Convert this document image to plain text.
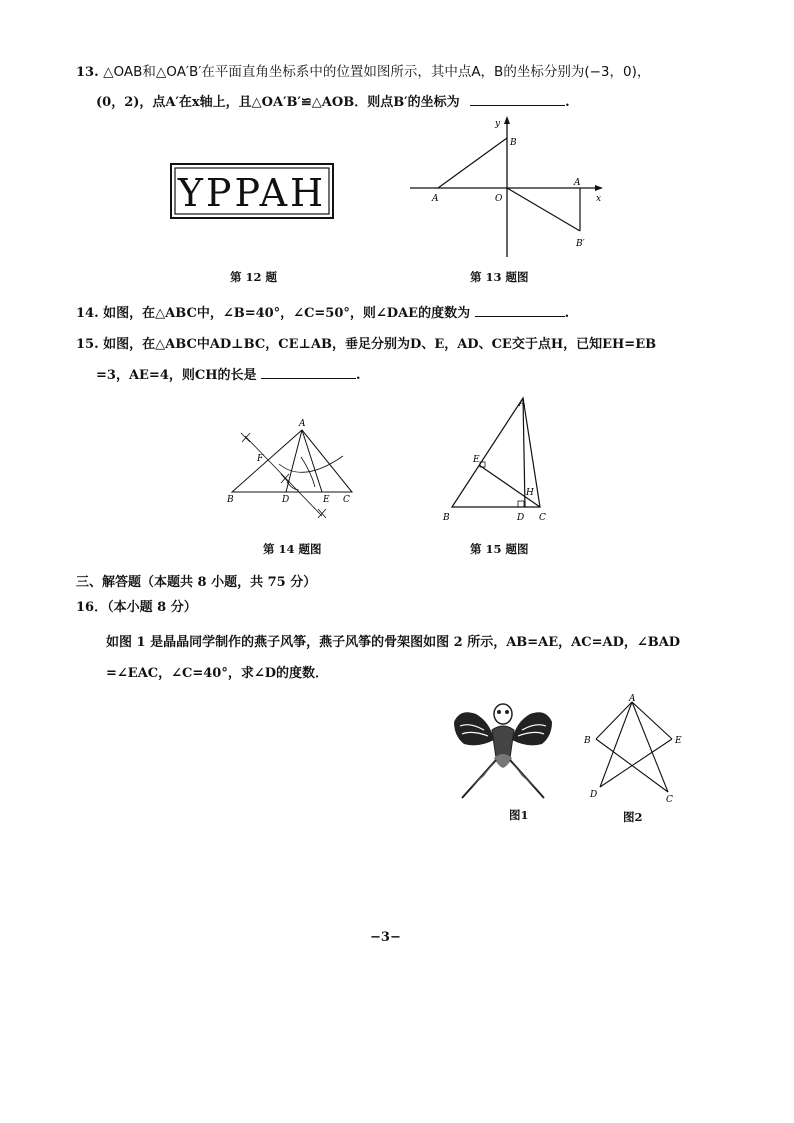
13. △OAB和△OA′B′在平面直角坐标系中的位置如图所示，其中点A，B的坐标分别为(−3，0)，
(0，2)，点A′在x轴上，且△OA′B′≌△AOB．则点B′的坐标为	.
YPPAH
第 12 题
y
x
B
A	O
A
B′
第 13 题图
14. 如图，在△ABC中，∠B=40°，∠C=50°，则∠DAE的度数为	.
15. 如图，在△ABC中AD⊥BC，CE⊥AB，垂足分别为D、E，AD、CE交于点H，已知EH=EB
=3，AE=4，则CH的长是	.
A
F
B	D	E C
第 14 题图
A
E
H
B	D C
第 15 题图
三、解答题（本题共 8 小题，共 75 分）
16．（本小题 8 分）
如图 1 是晶晶同学制作的燕子风筝，燕子风筝的骨架图如图 2 所示，AB=AE，AC=AD，∠BAD
=∠EAC，∠C=40°，求∠D的度数．
图1
A
B	E
D	C
图2
−3−
